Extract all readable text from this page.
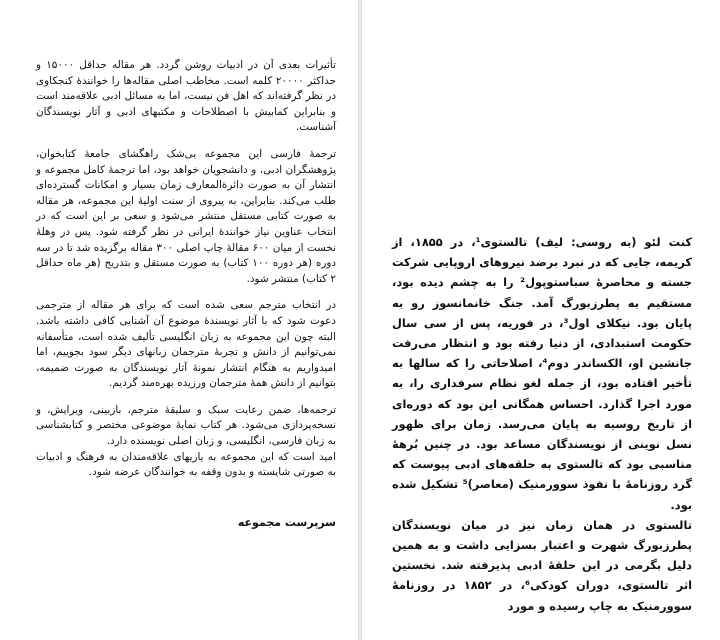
تأثیرات بعدی آن در ادبیات روشن گردد. هر مقاله حداقل ۱۵۰۰۰ و حداکثر ۲۰۰۰۰ کلمه است. مخاطب اصلی مقاله‌ها را خوانندهٔ کنجکاوی در نظر گرفته‌اند که اهل فن نیست، اما به مسائل ادبی علاقه‌مند است و بنابراین کمابیش با اصطلاحات و مکتبهای ادبی و آثار نویسندگان آشناست.

ترجمهٔ فارسی این مجموعه بی‌شک راهگشای جامعهٔ کتابخوان، پژوهشگران ادبی، و دانشجویان خواهد بود، اما ترجمهٔ کامل مجموعه و انتشار آن به صورت دائرةالمعارف زمان بسیار و امکانات گسترده‌ای طلب می‌کند. بنابراین، به پیروی از سنت اولیهٔ این مجموعه، هر مقاله به صورت کتابی مستقل منتشر می‌شود و سعی بر این است که در انتخاب عناوین نیاز خوانندهٔ ایرانی در نظر گرفته شود. پس در وهلهٔ نخست از میان ۶۰۰ مقالهٔ چاپ اصلی ۳۰۰ مقاله برگزیده شد تا در سه دوره (هر دوره ۱۰۰ کتاب) به صورت مستقل و بتدریج (هر ماه حداقل ۲ کتاب) منتشر شود.

در انتخاب مترجم سعی شده است که برای هر مقاله از مترجمی دعوت شود که با آثار نویسندهٔ موضوع آن آشنایی کافی داشته باشد. البته چون این مجموعه به زبان انگلیسی تألیف شده است، متأسفانه نمی‌توانیم از دانش و تجربهٔ مترجمان زبانهای دیگر سود بجوییم، اما امیدواریم به هنگام انتشار نمونهٔ آثار نویسندگان به صورت ضمیمه، بتوانیم از دانش همهٔ مترجمان ورزیده بهره‌مند گردیم.

ترجمه‌ها، ضمن رعایت سبک و سلیقهٔ مترجم، بازبینی، ویرایش، و نسخه‌پردازی می‌شود. هر کتاب نمایهٔ موضوعی مختصر و کتابشناسی به زبان فارسی، انگلیسی، و زبان اصلی نویسنده دارد.

امید است که این مجموعه به یاریهای علاقه‌مندان به فرهنگ و ادبیات به صورتی شایسته و بدون وقفه به خوانندگان عرضه شود.

سرپرست مجموعه

کنت لئو (به روسی: لیف) تالستوی¹، در ۱۸۵۵، از کریمه، جایی که در نبرد برضد نیروهای اروپایی شرکت جسته و محاصرهٔ سباستوپول² را به چشم دیده بود، مستقیم به پطرزبورگ آمد. جنگ خانمانسوز رو به پایان بود. نیکلای اول³، در فوریه، پس از سی سال حکومت استبدادی، از دنیا رفته بود و انتظار می‌رفت جانشین او، الکساندر دوم⁴، اصلاحاتی را که سالها به تأخیر افتاده بود، از جمله لغو نظام سرفداری را، به مورد اجرا گذارد. احساس همگانی این بود که دوره‌ای از تاریخ روسیه به پایان می‌رسد. زمان برای ظهور نسل نوینی از نویسندگان مساعد بود. در چنین بُرههٔ مناسبی بود که تالستوی به حلقه‌های ادبی پیوست که گرد روزنامهٔ با نفوذ سوورمنیک (معاصر)⁵ تشکیل شده بود.

تالستوی در همان زمان نیز در میان نویسندگان پطرزبورگ شهرت و اعتبار بسزایی داشت و به همین دلیل بگرمی در این حلقهٔ ادبی پذیرفته شد. نخستین اثر تالستوی، دوران کودکی⁶، در ۱۸۵۲ در روزنامهٔ سوورمنیک به چاپ رسیده و مورد
